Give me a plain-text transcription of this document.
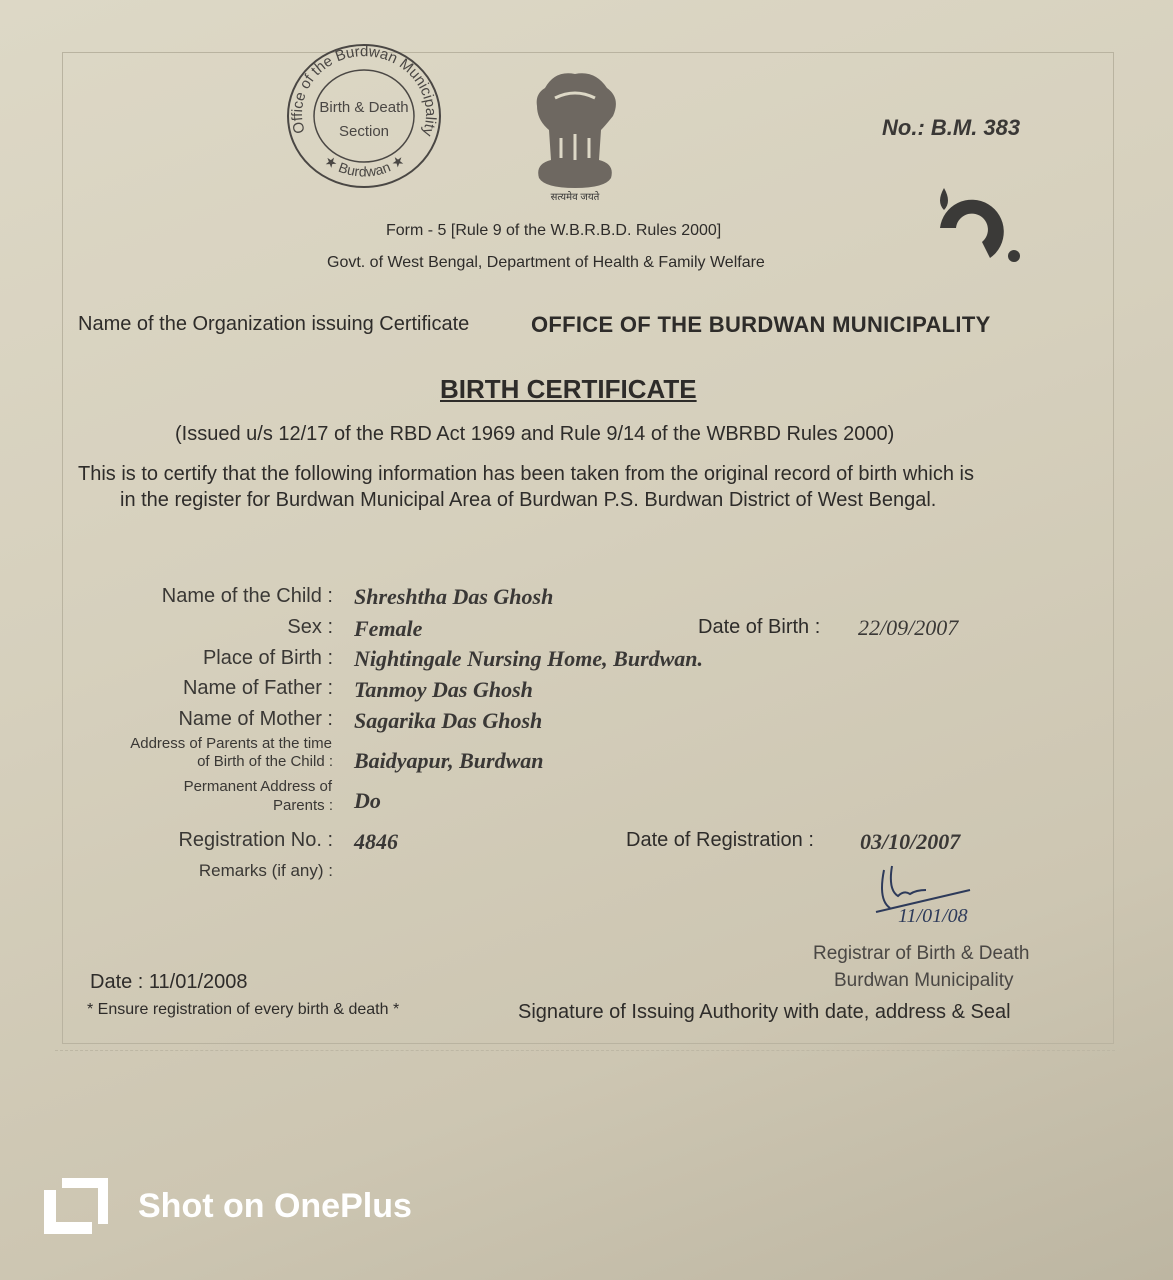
Office of the Burdwan Municipality
★ Burdwan ★
Birth & Death
Section
सत्यमेव जयते
No.: B.M. 383
Form - 5 [Rule 9 of the W.B.R.B.D. Rules 2000]
Govt. of West Bengal, Department of Health & Family Welfare
Name of the Organization issuing Certificate	OFFICE OF THE BURDWAN MUNICIPALITY
BIRTH CERTIFICATE
(Issued u/s 12/17 of the RBD Act 1969 and Rule 9/14 of the WBRBD Rules 2000)
This is to certify that the following information has been taken from the original record of birth which is
in the register for Burdwan Municipal Area of Burdwan P.S. Burdwan District of West Bengal.
Name of the Child : Shreshtha Das Ghosh
Sex : Female	Date of Birth : 22/09/2007
Place of Birth : Nightingale Nursing Home, Burdwan.
Name of Father : Tanmoy Das Ghosh
Name of Mother : Sagarika Das Ghosh
Address of Parents at the time
of Birth of the Child : Baidyapur, Burdwan
Permanent Address of
Parents : Do
Registration No. : 4846	Date of Registration : 03/10/2007
Remarks (if any) :
11/01/08
Registrar of Birth & Death
Burdwan Municipality
Date : 11/01/2008
* Ensure registration of every birth & death *	Signature of Issuing Authority with date, address & Seal
Shot on OnePlus
